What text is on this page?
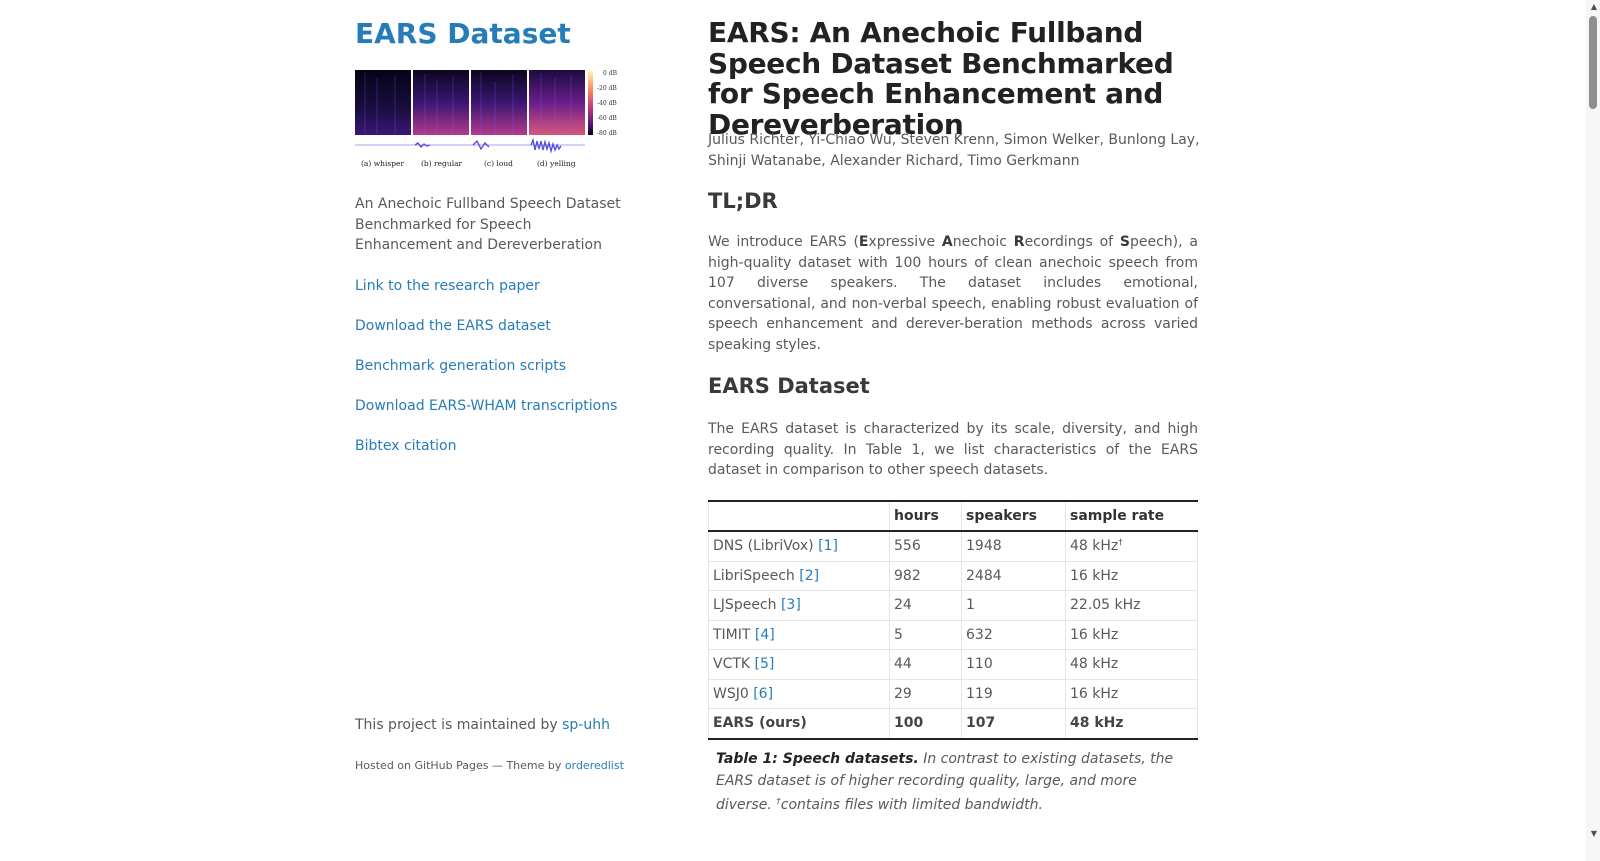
EARS Dataset
0 dB
-20 dB
-40 dB
-60 dB
-80 dB
(a) whisper (b) regular	(c) loud	(d) yelling

An Anechoic Fullband Speech Dataset Benchmarked for Speech Enhancement and Dereverberation

Link to the research paper
Download the EARS dataset
Benchmark generation scripts
Download EARS-WHAM transcriptions
Bibtex citation

This project is maintained by sp-uhh

Hosted on GitHub Pages — Theme by orderedlist

EARS: An Anechoic Fullband Speech Dataset Benchmarked for Speech Enhancement and Dereverberation

Julius Richter, Yi-Chiao Wu, Steven Krenn, Simon Welker, Bunlong Lay, Shinji Watanabe, Alexander Richard, Timo Gerkmann

TL;DR

We introduce EARS (Expressive Anechoic Recordings of Speech), a high-quality dataset with 100 hours of clean anechoic speech from 107 diverse speakers. The dataset includes emotional, conversational, and non-verbal speech, enabling robust evaluation of speech enhancement and derever-beration methods across varied speaking styles.

EARS Dataset

The EARS dataset is characterized by its scale, diversity, and high recording quality. In Table 1, we list characteristics of the EARS dataset in comparison to other speech datasets.

	hours	speakers	sample rate
DNS (LibriVox) [1]	556	1948	48 kHz†
LibriSpeech [2]	982	2484	16 kHz
LJSpeech [3]	24	1	22.05 kHz
TIMIT [4]	5	632	16 kHz
VCTK [5]	44	110	48 kHz
WSJ0 [6]	29	119	16 kHz
EARS (ours)	100	107	48 kHz

Table 1: Speech datasets. In contrast to existing datasets, the EARS dataset is of higher recording quality, large, and more diverse. †contains files with limited bandwidth.

▲
▼
